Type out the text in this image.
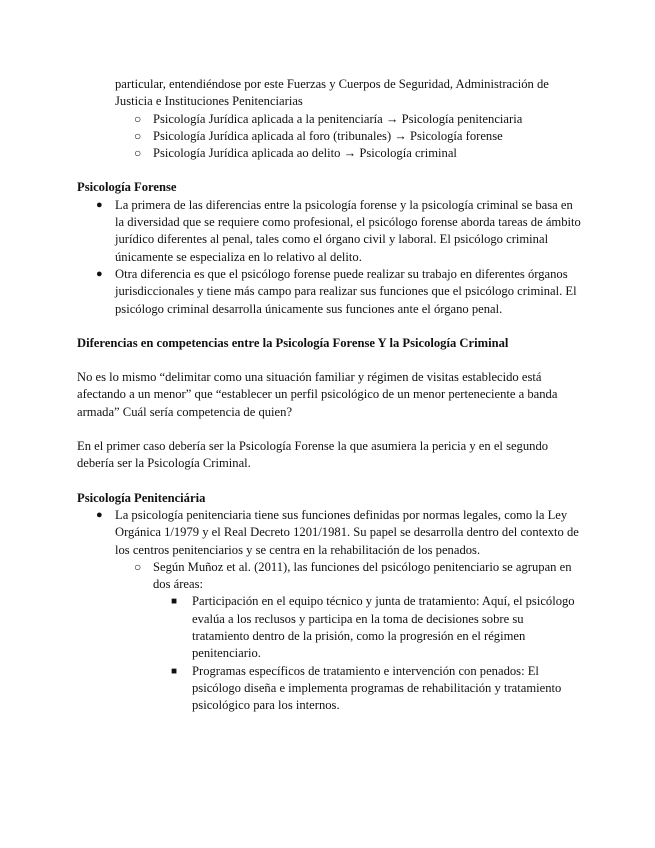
particular, entendiéndose por este Fuerzas y Cuerpos de Seguridad, Administración de Justicia e Instituciones Penitenciarias

○ Psicología Jurídica aplicada a la penitenciaría → Psicología penitenciaria
○ Psicología Jurídica aplicada al foro (tribunales) → Psicología forense
○ Psicología Jurídica aplicada ao delito → Psicología criminal

Psicología Forense

● La primera de las diferencias entre la psicología forense y la psicología criminal se basa en la diversidad que se requiere como profesional, el psicólogo forense aborda tareas de ámbito jurídico diferentes al penal, tales como el órgano civil y laboral. El psicólogo criminal únicamente se especializa en lo relativo al delito.
● Otra diferencia es que el psicólogo forense puede realizar su trabajo en diferentes órganos jurisdiccionales y tiene más campo para realizar sus funciones que el psicólogo criminal. El psicólogo criminal desarrolla únicamente sus funciones ante el órgano penal.

Diferencias en competencias entre la Psicología Forense Y la Psicología Criminal

No es lo mismo “delimitar como una situación familiar y régimen de visitas establecido está afectando a un menor” que “establecer un perfil psicológico de un menor perteneciente a banda armada” Cuál sería competencia de quien?

En el primer caso debería ser la Psicología Forense la que asumiera la pericia y en el segundo debería ser la Psicología Criminal.

Psicología Penitenciária

● La psicología penitenciaria tiene sus funciones definidas por normas legales, como la Ley Orgánica 1/1979 y el Real Decreto 1201/1981. Su papel se desarrolla dentro del contexto de los centros penitenciarios y se centra en la rehabilitación de los penados.
○ Según Muñoz et al. (2011), las funciones del psicólogo penitenciario se agrupan en dos áreas:
■ Participación en el equipo técnico y junta de tratamiento: Aquí, el psicólogo evalúa a los reclusos y participa en la toma de decisiones sobre su tratamiento dentro de la prisión, como la progresión en el régimen penitenciario.
■ Programas específicos de tratamiento e intervención con penados: El psicólogo diseña e implementa programas de rehabilitación y tratamiento psicológico para los internos.
